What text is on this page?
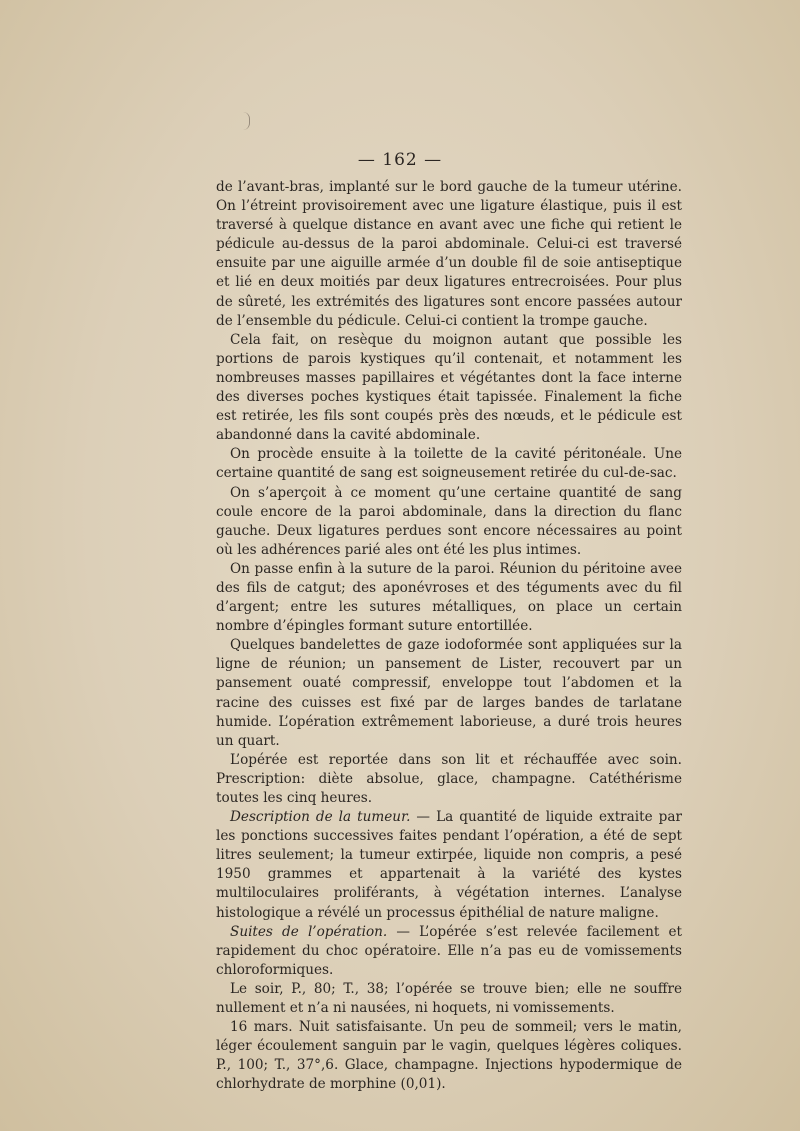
— 162 —

de l’avant-bras, implanté sur le bord gauche de la tumeur utérine. On l’étreint provisoirement avec une ligature élastique, puis il est traversé à quelque distance en avant avec une fiche qui retient le pédicule au-dessus de la paroi abdominale. Celui-ci est traversé ensuite par une aiguille armée d’un double fil de soie antiseptique et lié en deux moitiés par deux ligatures entrecroisées. Pour plus de sûreté, les extrémités des ligatures sont encore passées autour de l’ensemble du pédicule. Celui-ci contient la trompe gauche.

Cela fait, on resèque du moignon autant que possible les portions de parois kystiques qu’il contenait, et notamment les nombreuses masses papillaires et végétantes dont la face interne des diverses poches kystiques était tapissée. Finalement la fiche est retirée, les fils sont coupés près des nœuds, et le pédicule est abandonné dans la cavité abdominale.

On procède ensuite à la toilette de la cavité péritonéale. Une certaine quantité de sang est soigneusement retirée du cul-de-sac.

On s’aperçoit à ce moment qu’une certaine quantité de sang coule encore de la paroi abdominale, dans la direction du flanc gauche. Deux ligatures perdues sont encore nécessaires au point où les adhérences parié ales ont été les plus intimes.

On passe enfin à la suture de la paroi. Réunion du péritoine avee des fils de catgut; des aponévroses et des téguments avec du fil d’argent; entre les sutures métalliques, on place un certain nombre d’épingles formant suture entortillée.

Quelques bandelettes de gaze iodoformée sont appliquées sur la ligne de réunion; un pansement de Lister, recouvert par un pansement ouaté compressif, enveloppe tout l’abdomen et la racine des cuisses est fixé par de larges bandes de tarlatane humide. L’opération extrêmement laborieuse, a duré trois heures un quart.

L’opérée est reportée dans son lit et réchauffée avec soin. Prescription: diète absolue, glace, champagne. Catéthérisme toutes les cinq heures.

Description de la tumeur. — La quantité de liquide extraite par les ponctions successives faites pendant l’opération, a été de sept litres seulement; la tumeur extirpée, liquide non compris, a pesé 1950 grammes et appartenait à la variété des kystes multiloculaires proliférants, à végétation internes. L’analyse histologique a révélé un processus épithélial de nature maligne.

Suites de l’opération. — L’opérée s’est relevée facilement et rapidement du choc opératoire. Elle n’a pas eu de vomissements chloroformiques.

Le soir, P., 80; T., 38; l’opérée se trouve bien; elle ne souffre nullement et n’a ni nausées, ni hoquets, ni vomissements.

16 mars. Nuit satisfaisante. Un peu de sommeil; vers le matin, léger écoulement sanguin par le vagin, quelques légères coliques. P., 100; T., 37°,6. Glace, champagne. Injections hypodermique de chlorhydrate de morphine (0,01).
